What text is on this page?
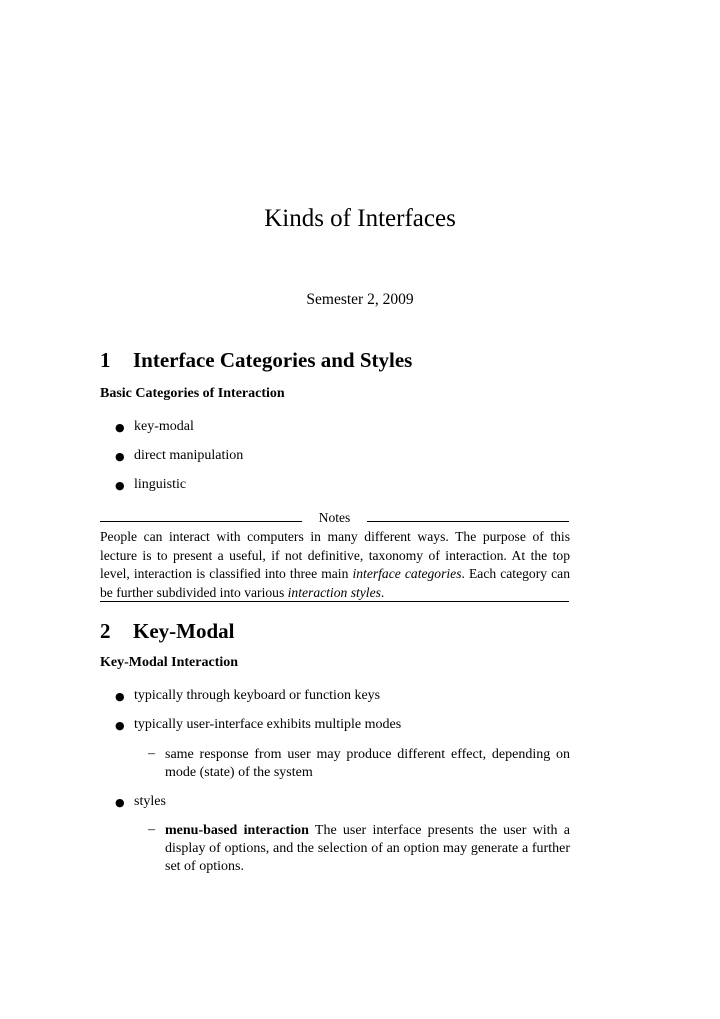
Kinds of Interfaces
Semester 2, 2009
1 Interface Categories and Styles
Basic Categories of Interaction
● key-modal
● direct manipulation
● linguistic
Notes
People can interact with computers in many different ways. The purpose of this lecture is to present a useful, if not definitive, taxonomy of interaction. At the top level, interaction is classified into three main interface categories. Each category can be further subdivided into various interaction styles.
2 Key-Modal
Key-Modal Interaction
● typically through keyboard or function keys
● typically user-interface exhibits multiple modes
– same response from user may produce different effect, depending on mode (state) of the system
● styles
– menu-based interaction The user interface presents the user with a display of options, and the selection of an option may generate a further set of options.
